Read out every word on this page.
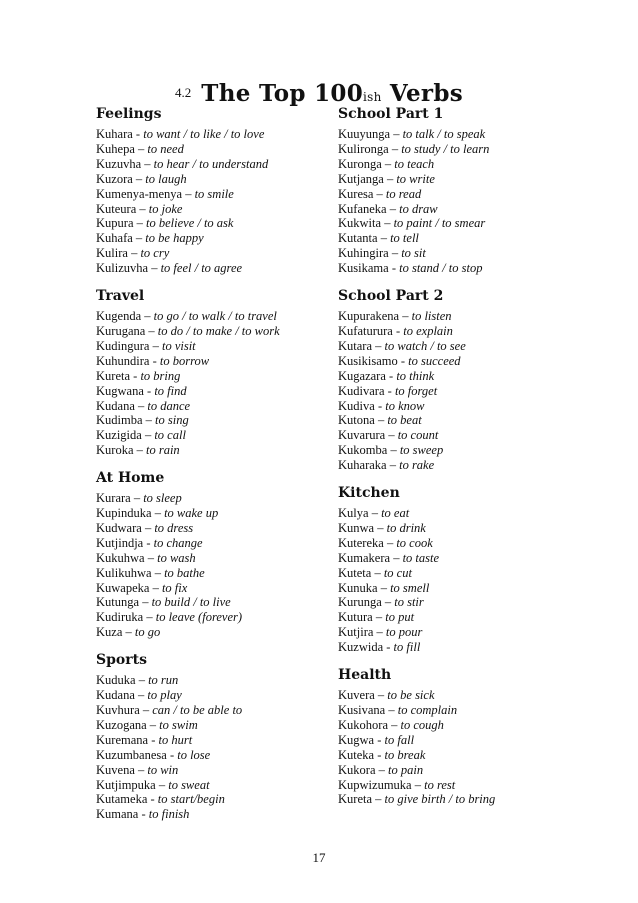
$^{4.2}$ The Top 100ish Verbs
Feelings
Kuhara - to want / to like / to love
Kuhepa – to need
Kuzuvha – to hear / to understand
Kuzora – to laugh
Kumenya-menya – to smile
Kuteura – to joke
Kupura – to believe / to ask
Kuhafa – to be happy
Kulira – to cry
Kulizuvha – to feel / to agree
Travel
Kugenda – to go / to walk / to travel
Kurugana – to do / to make / to work
Kudingura – to visit
Kuhundira - to borrow
Kureta - to bring
Kugwana - to find
Kudana – to dance
Kudimba – to sing
Kuzigida – to call
Kuroka – to rain
At Home
Kurara – to sleep
Kupinduka – to wake up
Kudwara – to dress
Kutjindja - to change
Kukuhwa – to wash
Kulikuhwa – to bathe
Kuwapeka – to fix
Kutunga – to build / to live
Kudiruka – to leave (forever)
Kuza – to go
Sports
Kuduka – to run
Kudana – to play
Kuvhura – can / to be able to
Kuzogana – to swim
Kuremana - to hurt
Kuzumbanesa - to lose
Kuvena – to win
Kutjimpuka – to sweat
Kutameka - to start/begin
Kumana - to finish
School Part 1
Kuuyunga – to talk / to speak
Kulironga – to study / to learn
Kuronga – to teach
Kutjanga – to write
Kuresa – to read
Kufaneka – to draw
Kukwita – to paint / to smear
Kutanta – to tell
Kuhingira – to sit
Kusikama - to stand / to stop
School Part 2
Kupurakena – to listen
Kufaturura - to explain
Kutara – to watch / to see
Kusikisamo - to succeed
Kugazara - to think
Kudivara - to forget
Kudiva - to know
Kutona – to beat
Kuvarura – to count
Kukomba – to sweep
Kuharaka – to rake
Kitchen
Kulya – to eat
Kunwa – to drink
Kutereka – to cook
Kumakera – to taste
Kuteta – to cut
Kunuka – to smell
Kurunga – to stir
Kutura – to put
Kutjira – to pour
Kuzwida - to fill
Health
Kuvera – to be sick
Kusivana – to complain
Kukohora – to cough
Kugwa - to fall
Kuteka - to break
Kukora – to pain
Kupwizumuka – to rest
Kureta – to give birth / to bring
17
